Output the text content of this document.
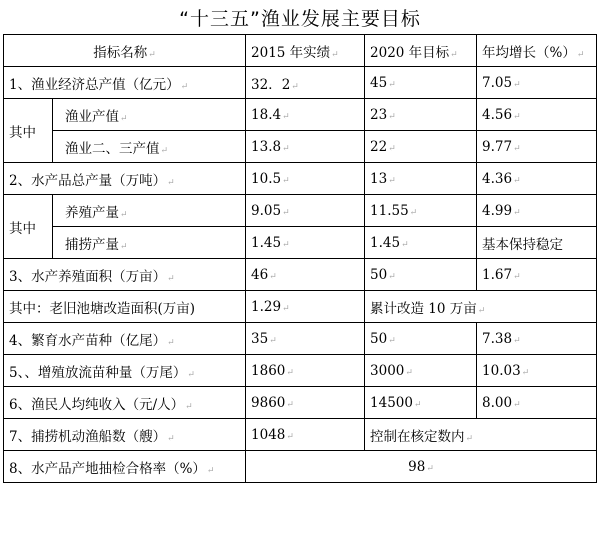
“十三五”渔业发展主要目标
指标名称↵		2015 年实绩↵	2020 年目标↵	年均增长（%）↵
1、渔业经济总产值（亿元）↵		32．2↵	45↵	7.05↵
其中	渔业产值↵	18.4↵	23↵	4.56↵
	渔业二、三产值↵	13.8↵	22↵	9.77↵
2、水产品总产量（万吨）↵		10.5↵	13↵	4.36↵
其中	养殖产量↵	9.05↵	11.55↵	4.99↵
	捕捞产量↵	1.45↵	1.45↵	基本保持稳定
3、水产养殖面积（万亩）↵		46↵	50↵	1.67↵
其中：老旧池塘改造面积(万亩)		1.29↵	累计改造 10 万亩↵	
4、繁育水产苗种（亿尾）↵		35↵	50↵	7.38↵
5、、增殖放流苗种量（万尾）↵		1860↵	3000↵	10.03↵
6、渔民人均纯收入（元/人）↵		9860↵	14500↵	8.00↵
7、捕捞机动渔船数（艘）↵		1048↵	控制在核定数内↵	
8、水产品产地抽检合格率（%）↵		98↵		
